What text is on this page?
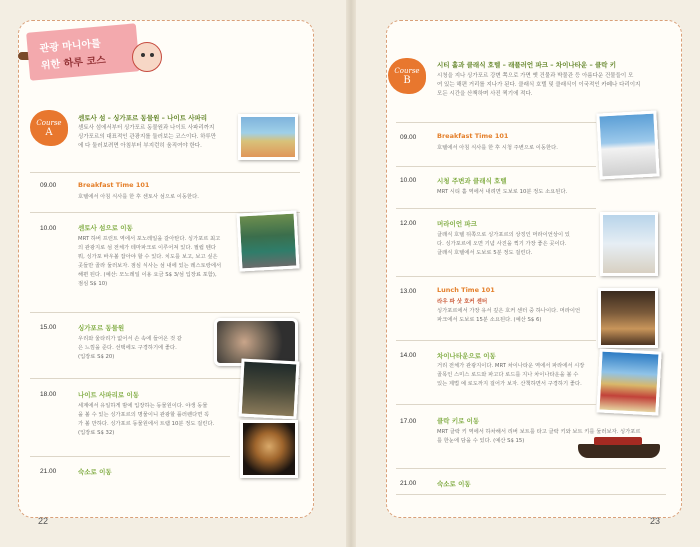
관광 마니아를
위한 하루 코스
Course
A
센토사 섬 – 싱가포르 동물원 – 나이트 사파리
센토사 섬에서부터 싱가포르 동물원과 나이트 사파리까지
싱가포르의 대표적인 관광지를 둘러보는 코스이다. 하루만
에 다 둘러보려면 아침부터 부지런히 움직여야 한다.
09.00	Breakfast Time 101
호텔에서 아침 식사를 한 후 센토사 섬으로 이동한다.
10.00	센토사 섬으로 이동
MRT 하버 프런트 역에서 포노레일을 갈아탄다. 싱가포르 최고
의 관광지로 섬 전체가 테마파크로 이루어져 있다. 필립 텐다
뭐, 싱가포 바우볼 잡아야 할 수 있다. 치도를 보고, 보고 싶은
곳들만 골라 둘러보자. 점심 식사는 섬 내에 있는 레스토랑에서
해편 된다. (예산: 모노레일 이용 요금 S$ 3/섬 입장료 포함),
점심 S$ 10)
15.00	싱가포르 동물원
우리와 울타리가 없어서 손 속에 들어온 것 같
은 느낌을 준다. 선택에도 구경하기에 좋다.
(입장료 S$ 20)
18.00	나이트 사파리로 이동
세계에서 유일하게 밤에 입장하는 동물원이다. 야생 동물
을 볼 수 있는 싱가포르의 명물이니 관광할 플러렌다면 꼭
가 볼 만하다. 싱가포르 동물원에서 트램 10분 정도 걸린다.
(입장료 S$ 32)
21.00	숙소로 이동
22
Course
B
시티 홀과 클래식 호텔 – 래플러언 파크 – 차이나타운 – 클락 키
시청을 지나 싱가포르 강변 쪽으로 가면 옛 건물과 박물관 등 아름다운 건물들이 모
여 있는 해편 거리를 지나가 된다. 클래식 호텔 및 클래식이 이국적인 카페나 다리이지
모든 시간을 산책하며 사진 찍기에 적다.
09.00	Breakfast Time 101
호텔에서 아침 식사를 한 후 시청 주변으로 이동한다.
10.00	시청 주변과 클래식 호텔
MRT 시티 홀 역에서 내려면 도보로 10분 정도 소요된다.
12.00	머라이언 파크
클래식 호텔 뒤쪽으로 싱가포르의 상징인 머라이언상이 있
다. 싱가포르에 오면 기념 사진을 찍기 가장 좋은 곳이다.
클래식 호텔에서 도보로 5분 정도 걸린다.
13.00	Lunch Time 101
라우 파 삿 호커 센터
싱가포르에서 가장 유서 깊은 호커 센터 중 하나이다. 머라이언
파크에서 도보로 15분 소요된다. (예산 S$ 6)
14.00	차이나타운으로 이동
거리 전체가 관광지이다. MRT 차이나타운 역에서 파라에서 시장
골목인 스미스 로드와 파고다 로드를 지나 차이나타운을 볼 수
있는 제법 예 로도까지 걸어가 보자. 산책하면서 구경하기 좋다.
17.00	클락 키로 이동
MRT 클락 키 역에서 하차해서 리버 보트를 타고 클락 키와 보트 키를 둘러보자. 싱가포르
를 한눈에 담을 수 있다. (예산 S$ 15)
21.00	숙소로 이동
23
